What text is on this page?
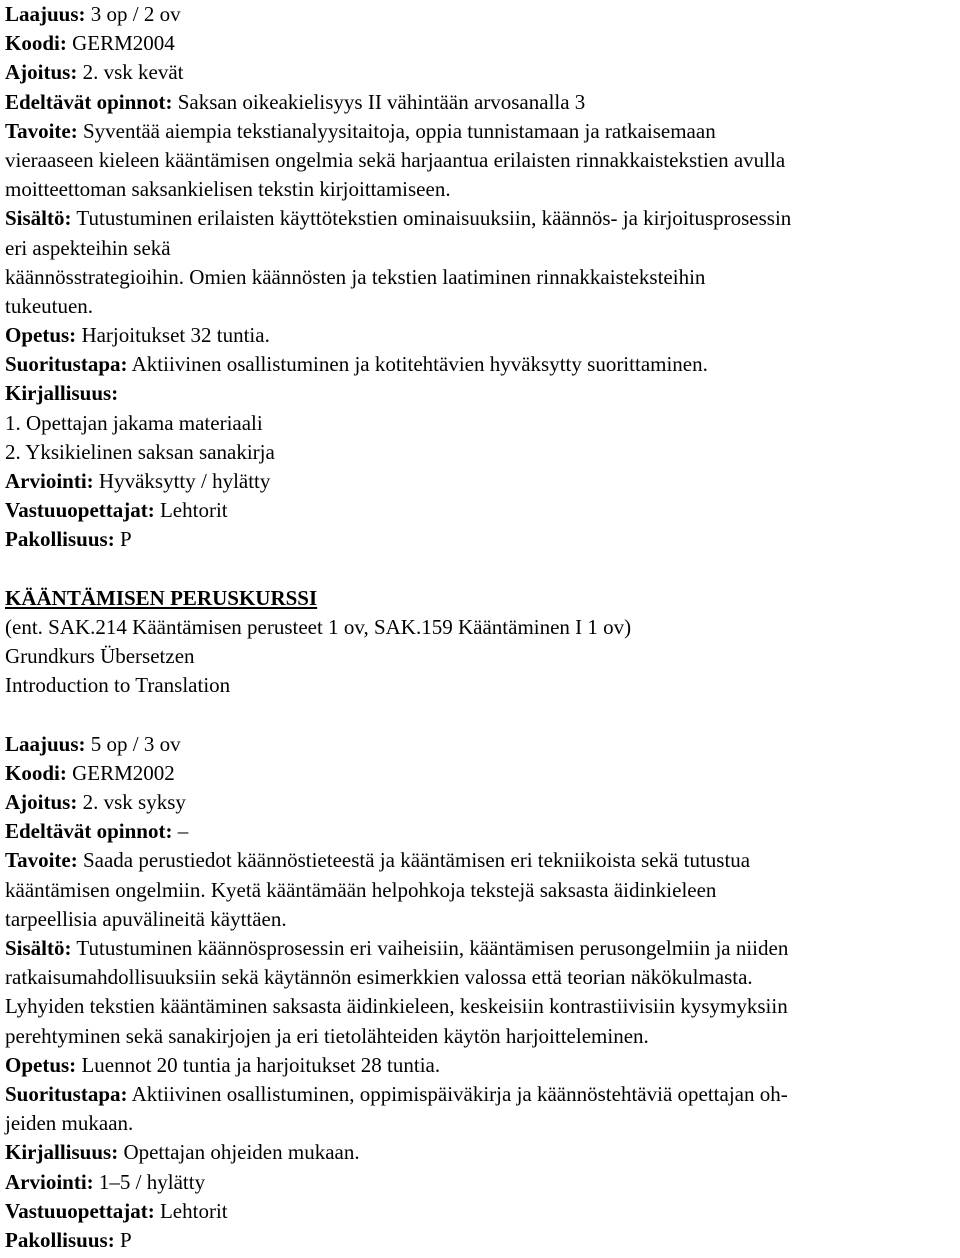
Laajuus: 3 op / 2 ov
Koodi: GERM2004
Ajoitus: 2. vsk kevät
Edeltävät opinnot: Saksan oikeakielisyys II vähintään arvosanalla 3
Tavoite: Syventää aiempia tekstianalyysitaitoja, oppia tunnistamaan ja ratkaisemaan
vieraaseen kieleen kääntämisen ongelmia sekä harjaantua erilaisten rinnakkaistekstien avulla
moitteettoman saksankielisen tekstin kirjoittamiseen.
Sisältö: Tutustuminen erilaisten käyttötekstien ominaisuuksiin, käännös- ja kirjoitusprosessin
eri aspekteihin sekä
käännösstrategioihin. Omien käännösten ja tekstien laatiminen rinnakkaisteksteihin
tukeutuen.
Opetus: Harjoitukset 32 tuntia.
Suoritustapa: Aktiivinen osallistuminen ja kotitehtävien hyväksytty suorittaminen.
Kirjallisuus:
1. Opettajan jakama materiaali
2. Yksikielinen saksan sanakirja
Arviointi: Hyväksytty / hylätty
Vastuuopettajat: Lehtorit
Pakollisuus: P
KÄÄNTÄMISEN PERUSKURSSI
(ent. SAK.214 Kääntämisen perusteet 1 ov, SAK.159 Kääntäminen I 1 ov)
Grundkurs Übersetzen
Introduction to Translation
Laajuus: 5 op / 3 ov
Koodi: GERM2002
Ajoitus: 2. vsk syksy
Edeltävät opinnot: –
Tavoite: Saada perustiedot käännöstieteestä ja kääntämisen eri tekniikoista sekä tutustua
kääntämisen ongelmiin. Kyetä kääntämään helpohkoja tekstejä saksasta äidinkieleen
tarpeellisia apuvälineitä käyttäen.
Sisältö: Tutustuminen käännösprosessin eri vaiheisiin, kääntämisen perusongelmiin ja niiden
ratkaisumahdollisuuksiin sekä käytännön esimerkkien valossa että teorian näkökulmasta.
Lyhyiden tekstien kääntäminen saksasta äidinkieleen, keskeisiin kontrastiivisiin kysymyksiin
perehtyminen sekä sanakirjojen ja eri tietolähteiden käytön harjoitteleminen.
Opetus: Luennot 20 tuntia ja harjoitukset 28 tuntia.
Suoritustapa: Aktiivinen osallistuminen, oppimispäiväkirja ja käännöstehtäviä opettajan oh-
jeiden mukaan.
Kirjallisuus: Opettajan ohjeiden mukaan.
Arviointi: 1–5 / hylätty
Vastuuopettajat: Lehtorit
Pakollisuus: P
